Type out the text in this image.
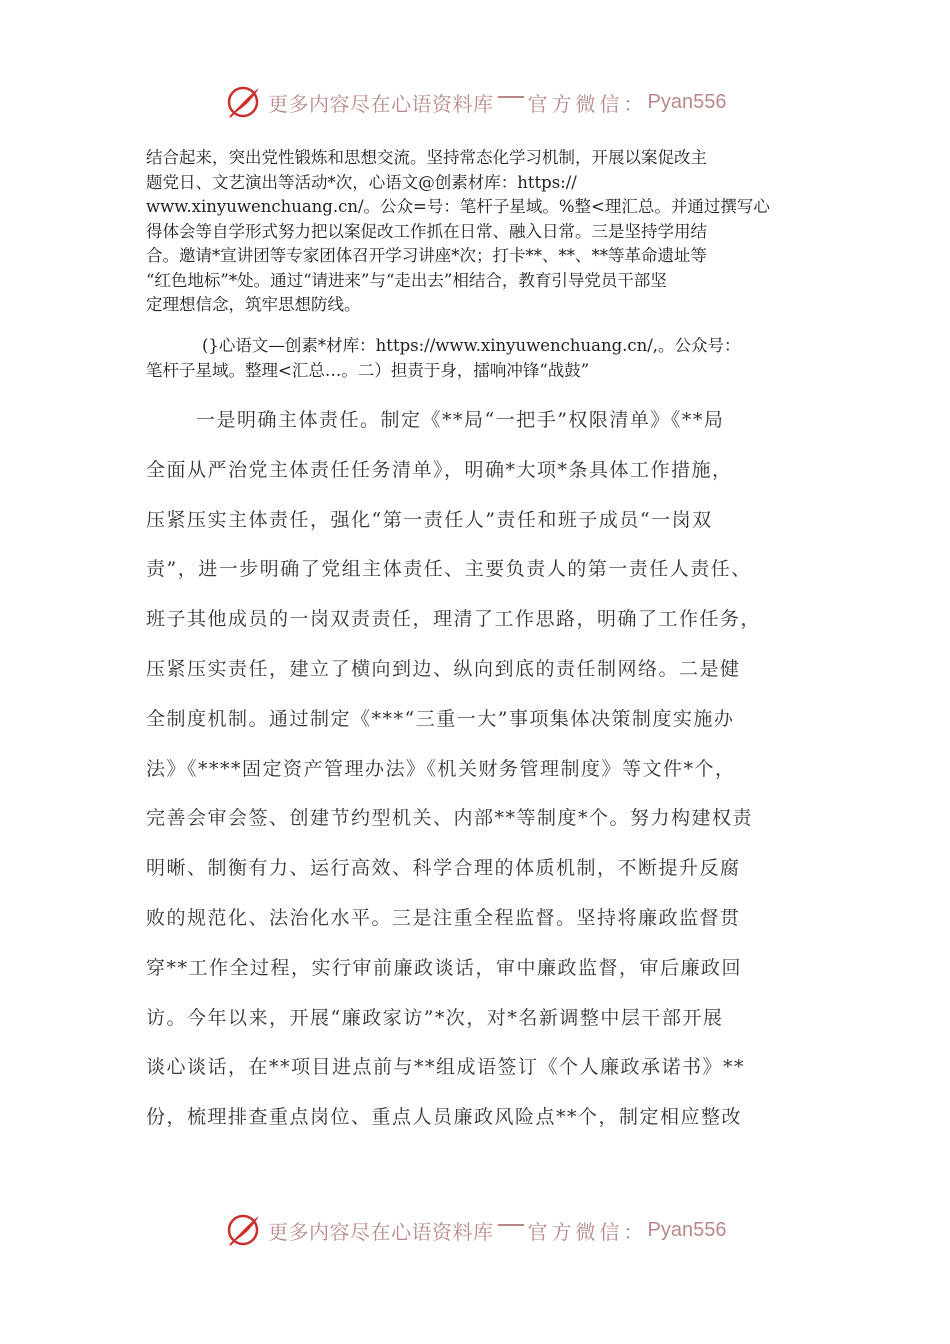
更多内容尽在心语资料库 官方微信： Pyan556

结合起来，突出党性锻炼和思想交流。坚持常态化学习机制，开展以案促改主

题党日、文艺演出等活动*次，心语文@创素材库：https://

www.xinyuwenchuang.cn/。公众=号：笔杆子星域。%整<理汇总。并通过撰写心

得体会等自学形式努力把以案促改工作抓在日常、融入日常。三是坚持学用结

合。邀请*宣讲团等专家团体召开学习讲座*次；打卡**、**、**等革命遗址等

“红色地标”*处。通过“请进来”与“走出去”相结合，教育引导党员干部坚

定理想信念，筑牢思想防线。

(}心语文—创素*材库：https://www.xinyuwenchuang.cn/,。公众号：

笔杆子星域。整理<汇总…。二）担责于身，擂响冲锋“战鼓”

一是明确主体责任。制定《**局“一把手”权限清单》《**局
全面从严治党主体责任任务清单》，明确*大项*条具体工作措施，
压紧压实主体责任，强化“第一责任人”责任和班子成员“一岗双
责”，进一步明确了党组主体责任、主要负责人的第一责任人责任、
班子其他成员的一岗双责责任，理清了工作思路，明确了工作任务，
压紧压实责任，建立了横向到边、纵向到底的责任制网络。二是健
全制度机制。通过制定《***“三重一大”事项集体决策制度实施办
法》《****固定资产管理办法》《机关财务管理制度》等文件*个，
完善会审会签、创建节约型机关、内部**等制度*个。努力构建权责
明晰、制衡有力、运行高效、科学合理的体质机制，不断提升反腐
败的规范化、法治化水平。三是注重全程监督。坚持将廉政监督贯
穿**工作全过程，实行审前廉政谈话，审中廉政监督，审后廉政回
访。今年以来，开展“廉政家访”*次，对*名新调整中层干部开展
谈心谈话，在**项目进点前与**组成语签订《个人廉政承诺书》**
份，梳理排查重点岗位、重点人员廉政风险点**个，制定相应整改
更多内容尽在心语资料库 官方微信： Pyan556
